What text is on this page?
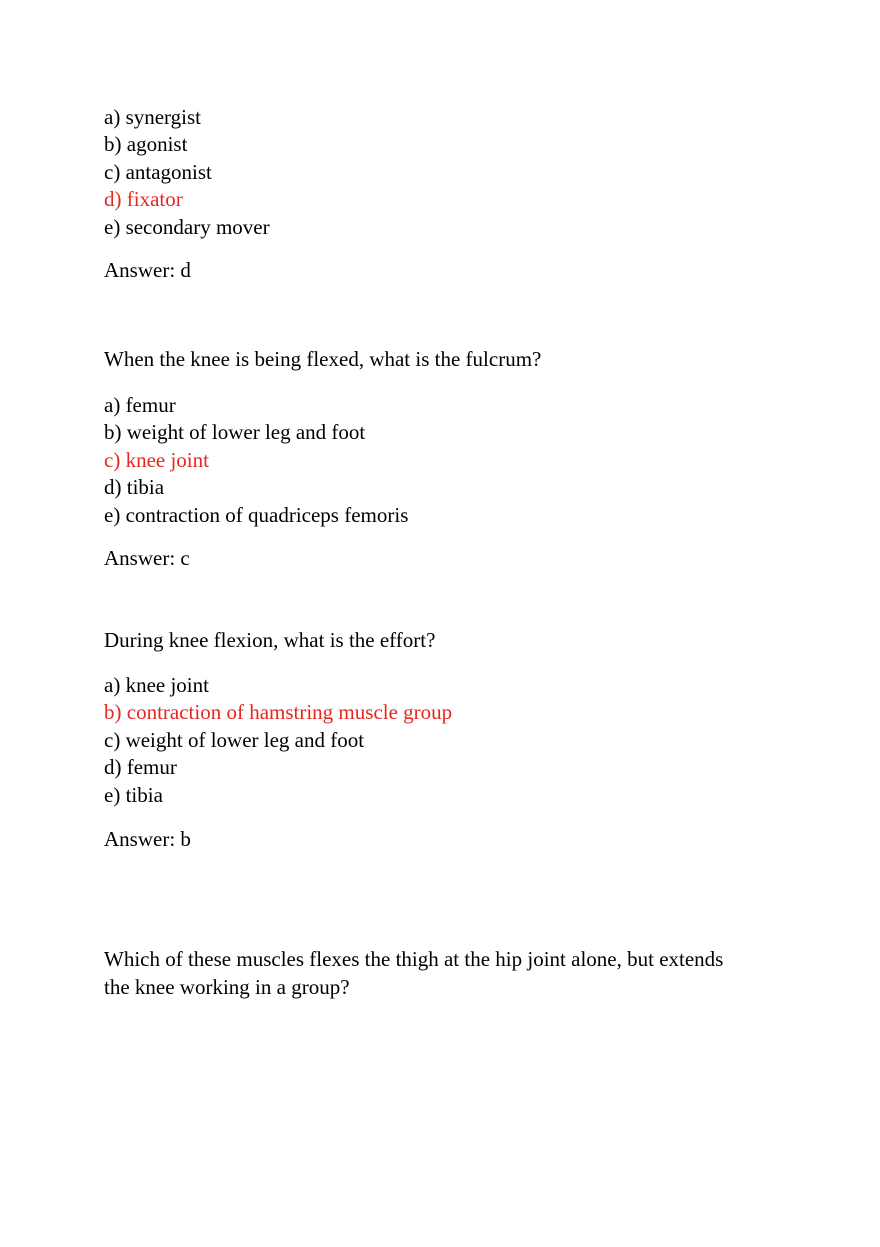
a) synergist
b) agonist
c) antagonist
d) fixator
e) secondary mover
Answer: d
When the knee is being flexed, what is the fulcrum?
a) femur
b) weight of lower leg and foot
c) knee joint
d) tibia
e) contraction of quadriceps femoris
Answer: c
During knee flexion, what is the effort?
a) knee joint
b) contraction of hamstring muscle group
c) weight of lower leg and foot
d) femur
e) tibia
Answer: b
Which of these muscles flexes the thigh at the hip joint alone, but extends the knee working in a group?
